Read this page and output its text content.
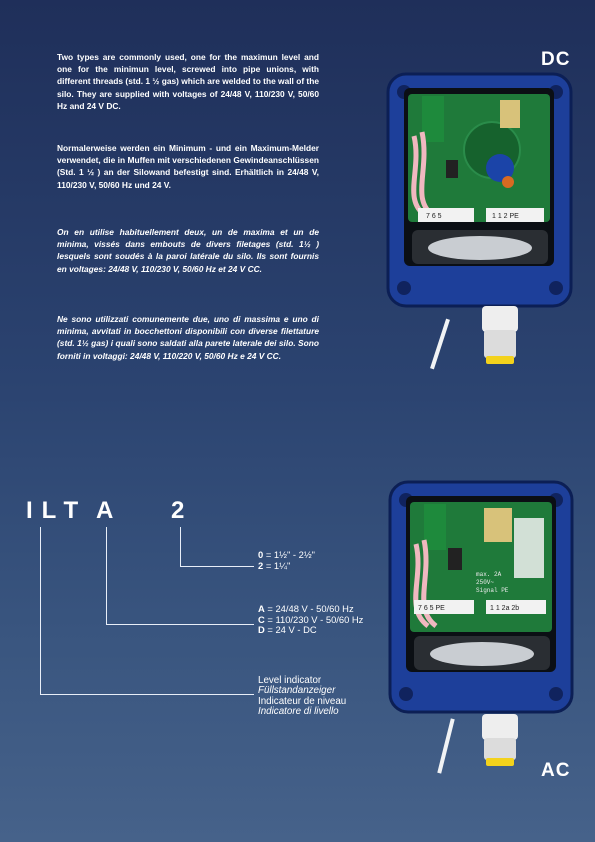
DC
AC
Two types are commonly used, one for the maximun level and one for the minimun level, screwed into pipe unions, with different threads (std. 1 ½ gas) which are welded to the wall of the silo. They are supplied with voltages of 24/48 V, 110/230 V, 50/60 Hz and 24 V DC.
Normalerweise werden ein Minimum - und ein Maximum-Melder verwendet, die in Muffen mit verschiedenen Gewindeanschlüssen (Std. 1 ½ ) an der Silowand befestigt sind. Erhältlich in 24/48 V, 110/230 V, 50/60 Hz und 24 V.
On en utilise habituellement deux, un de maxima et un de minima, vissés dans embouts de divers filetages (std. 1½ ) lesquels sont soudés à la paroi latérale du silo. Ils sont fournis en voltages: 24/48 V, 110/230 V, 50/60 Hz et 24 V CC.
Ne sono utilizzati comunemente due, uno di massima e uno di minima, avvitati in bocchettoni disponibili con diverse filettature (std. 1½ gas) i quali sono saldati alla parete laterale dei silo. Sono forniti in voltaggi: 24/48 V, 110/220 V, 50/60 Hz e 24 V CC.
7 6 5	1 1 2 PE
max. 2A
250V~
Signal PE
7 6 5 PE	1 1 2a 2b
ILT A 2
0 = 1½" - 2½"
2 = 1¼"
A = 24/48 V - 50/60 Hz
C = 110/230 V - 50/60 Hz
D = 24 V - DC
Level indicator
Füllstandanzeiger
Indicateur de niveau
Indicatore di livello
